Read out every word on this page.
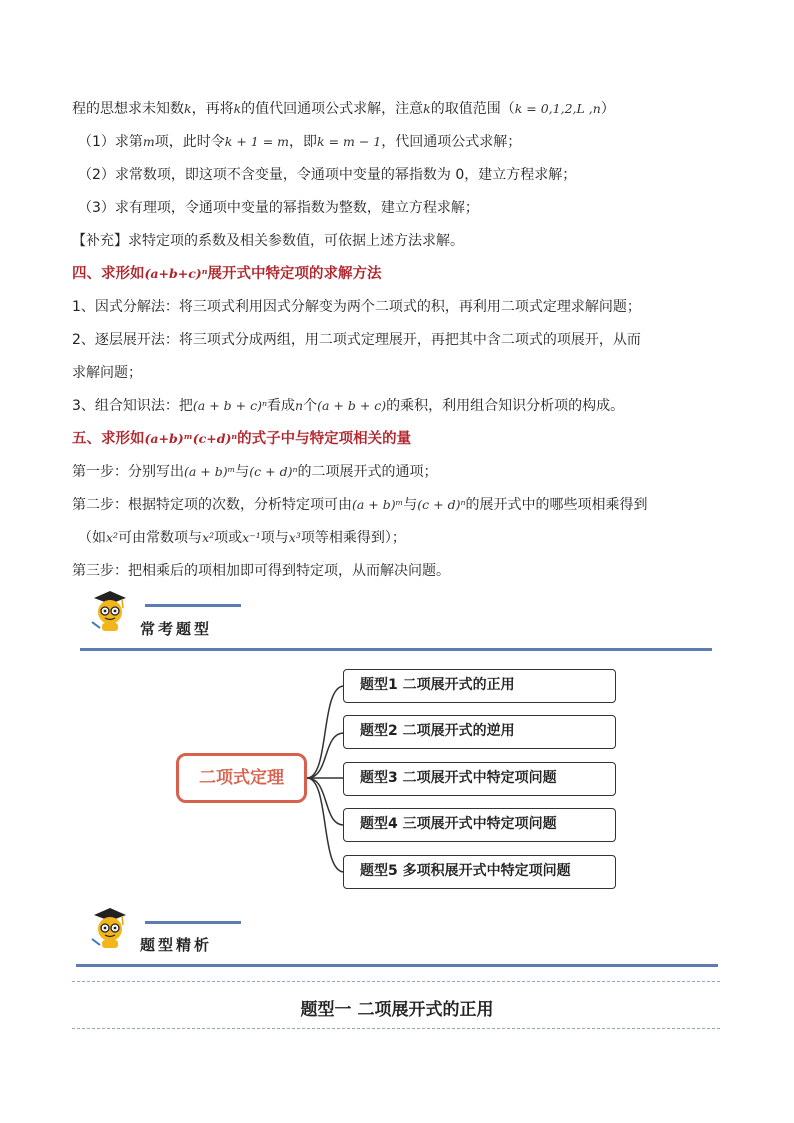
程的思想求未知数k，再将k的值代回通项公式求解，注意k的取值范围（k = 0,1,2,L ,n）
（1）求第m项，此时令k + 1 = m，即k = m − 1，代回通项公式求解；
（2）求常数项，即这项不含变量，令通项中变量的幂指数为 0，建立方程求解；
（3）求有理项，令通项中变量的幂指数为整数，建立方程求解；
【补充】求特定项的系数及相关参数值，可依据上述方法求解。
四、求形如(a+b+c)ⁿ展开式中特定项的求解方法
1、因式分解法：将三项式利用因式分解变为两个二项式的积，再利用二项式定理求解问题；
2、逐层展开法：将三项式分成两组，用二项式定理展开，再把其中含二项式的项展开，从而
求解问题；
3、组合知识法：把(a + b + c)ⁿ看成n个(a + b + c)的乘积，利用组合知识分析项的构成。
五、求形如(a+b)ᵐ(c+d)ⁿ的式子中与特定项相关的量
第一步：分别写出(a + b)ᵐ与(c + d)ⁿ的二项展开式的通项；
第二步：根据特定项的次数，分析特定项可由(a + b)ᵐ与(c + d)ⁿ的展开式中的哪些项相乘得到
（如x²可由常数项与x²项或x⁻¹项与x³项等相乘得到）；
第三步：把相乘后的项相加即可得到特定项，从而解决问题。
常考题型
二项式定理
题型1 二项展开式的正用
题型2 二项展开式的逆用
题型3 二项展开式中特定项问题
题型4 三项展开式中特定项问题
题型5 多项积展开式中特定项问题
题型精析
题型一 二项展开式的正用
